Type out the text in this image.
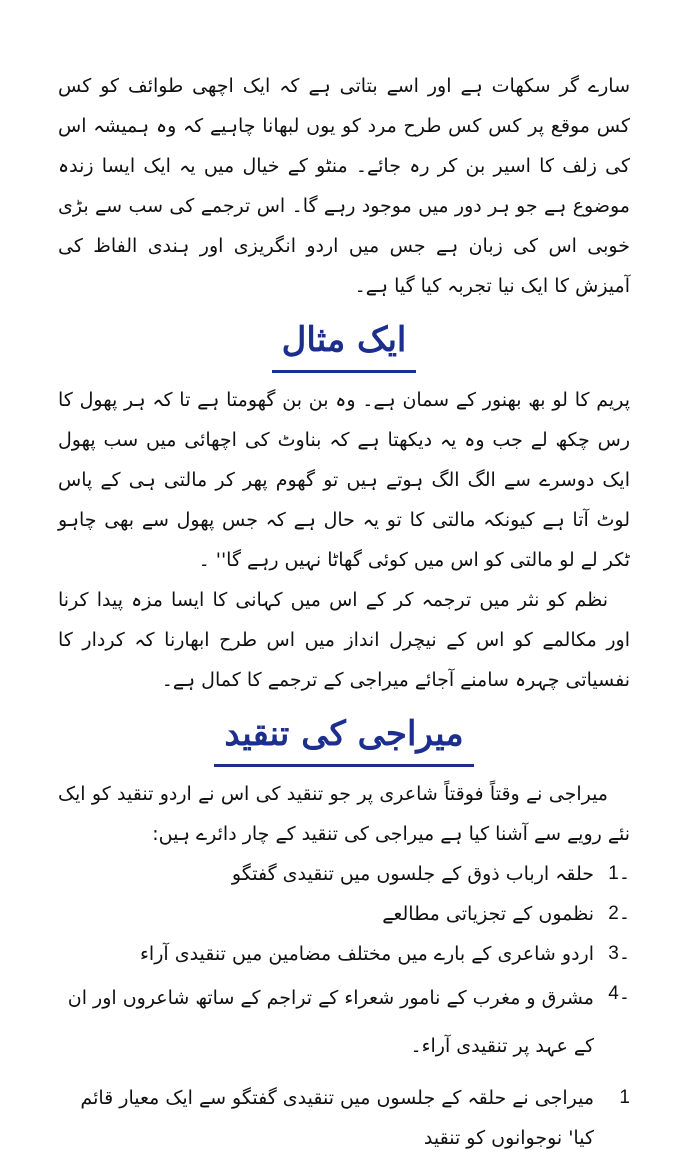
سارے گر سکھات ہے اور اسے بتاتی ہے کہ ایک اچھی طوائف کو کس کس موقع پر کس کس طرح مرد کو یوں لبھانا چاہیے کہ وہ ہمیشہ اس کی زلف کا اسیر بن کر رہ جائے۔ منٹو کے خیال میں یہ ایک ایسا زندہ موضوع ہے جو ہر دور میں موجود رہے گا۔ اس ترجمے کی سب سے بڑی خوبی اس کی زبان ہے جس میں اردو انگریزی اور ہندی الفاظ کی آمیزش کا ایک نیا تجربہ کیا گیا ہے۔

ایک مثال

پریم کا لو بھ بھنور کے سمان ہے۔ وہ بن بن گھومتا ہے تا کہ ہر پھول کا رس چکھ لے جب وہ یہ دیکھتا ہے کہ بناوٹ کی اچھائی میں سب پھول ایک دوسرے سے الگ الگ ہوتے ہیں تو گھوم پھر کر مالتی ہی کے پاس لوٹ آتا ہے کیونکہ مالتی کا تو یہ حال ہے کہ جس پھول سے بھی چاہو ٹکر لے لو مالتی کو اس میں کوئی گھاٹا نہیں رہے گا'' ۔

نظم کو نثر میں ترجمہ کر کے اس میں کہانی کا ایسا مزہ پیدا کرنا اور مکالمے کو اس کے نیچرل انداز میں اس طرح ابھارنا کہ کردار کا نفسیاتی چہرہ سامنے آجائے میراجی کے ترجمے کا کمال ہے۔

میراجی کی تنقید

میراجی نے وقتاً فوقتاً شاعری پر جو تنقید کی اس نے اردو تنقید کو ایک نئے رویے سے آشنا کیا ہے میراجی کی تنقید کے چار دائرے ہیں:

1۔
حلقہ ارباب ذوق کے جلسوں میں تنقیدی گفتگو
2۔
نظموں کے تجزیاتی مطالعے
3۔
اردو شاعری کے بارے میں مختلف مضامین میں تنقیدی آراء
4۔
مشرق و مغرب کے نامور شعراء کے تراجم کے ساتھ شاعروں اور ان کے عہد پر تنقیدی آراء۔
1
میراجی نے حلقہ کے جلسوں میں تنقیدی گفتگو سے ایک معیار قائم کیا' نوجوانوں کو تنقید
